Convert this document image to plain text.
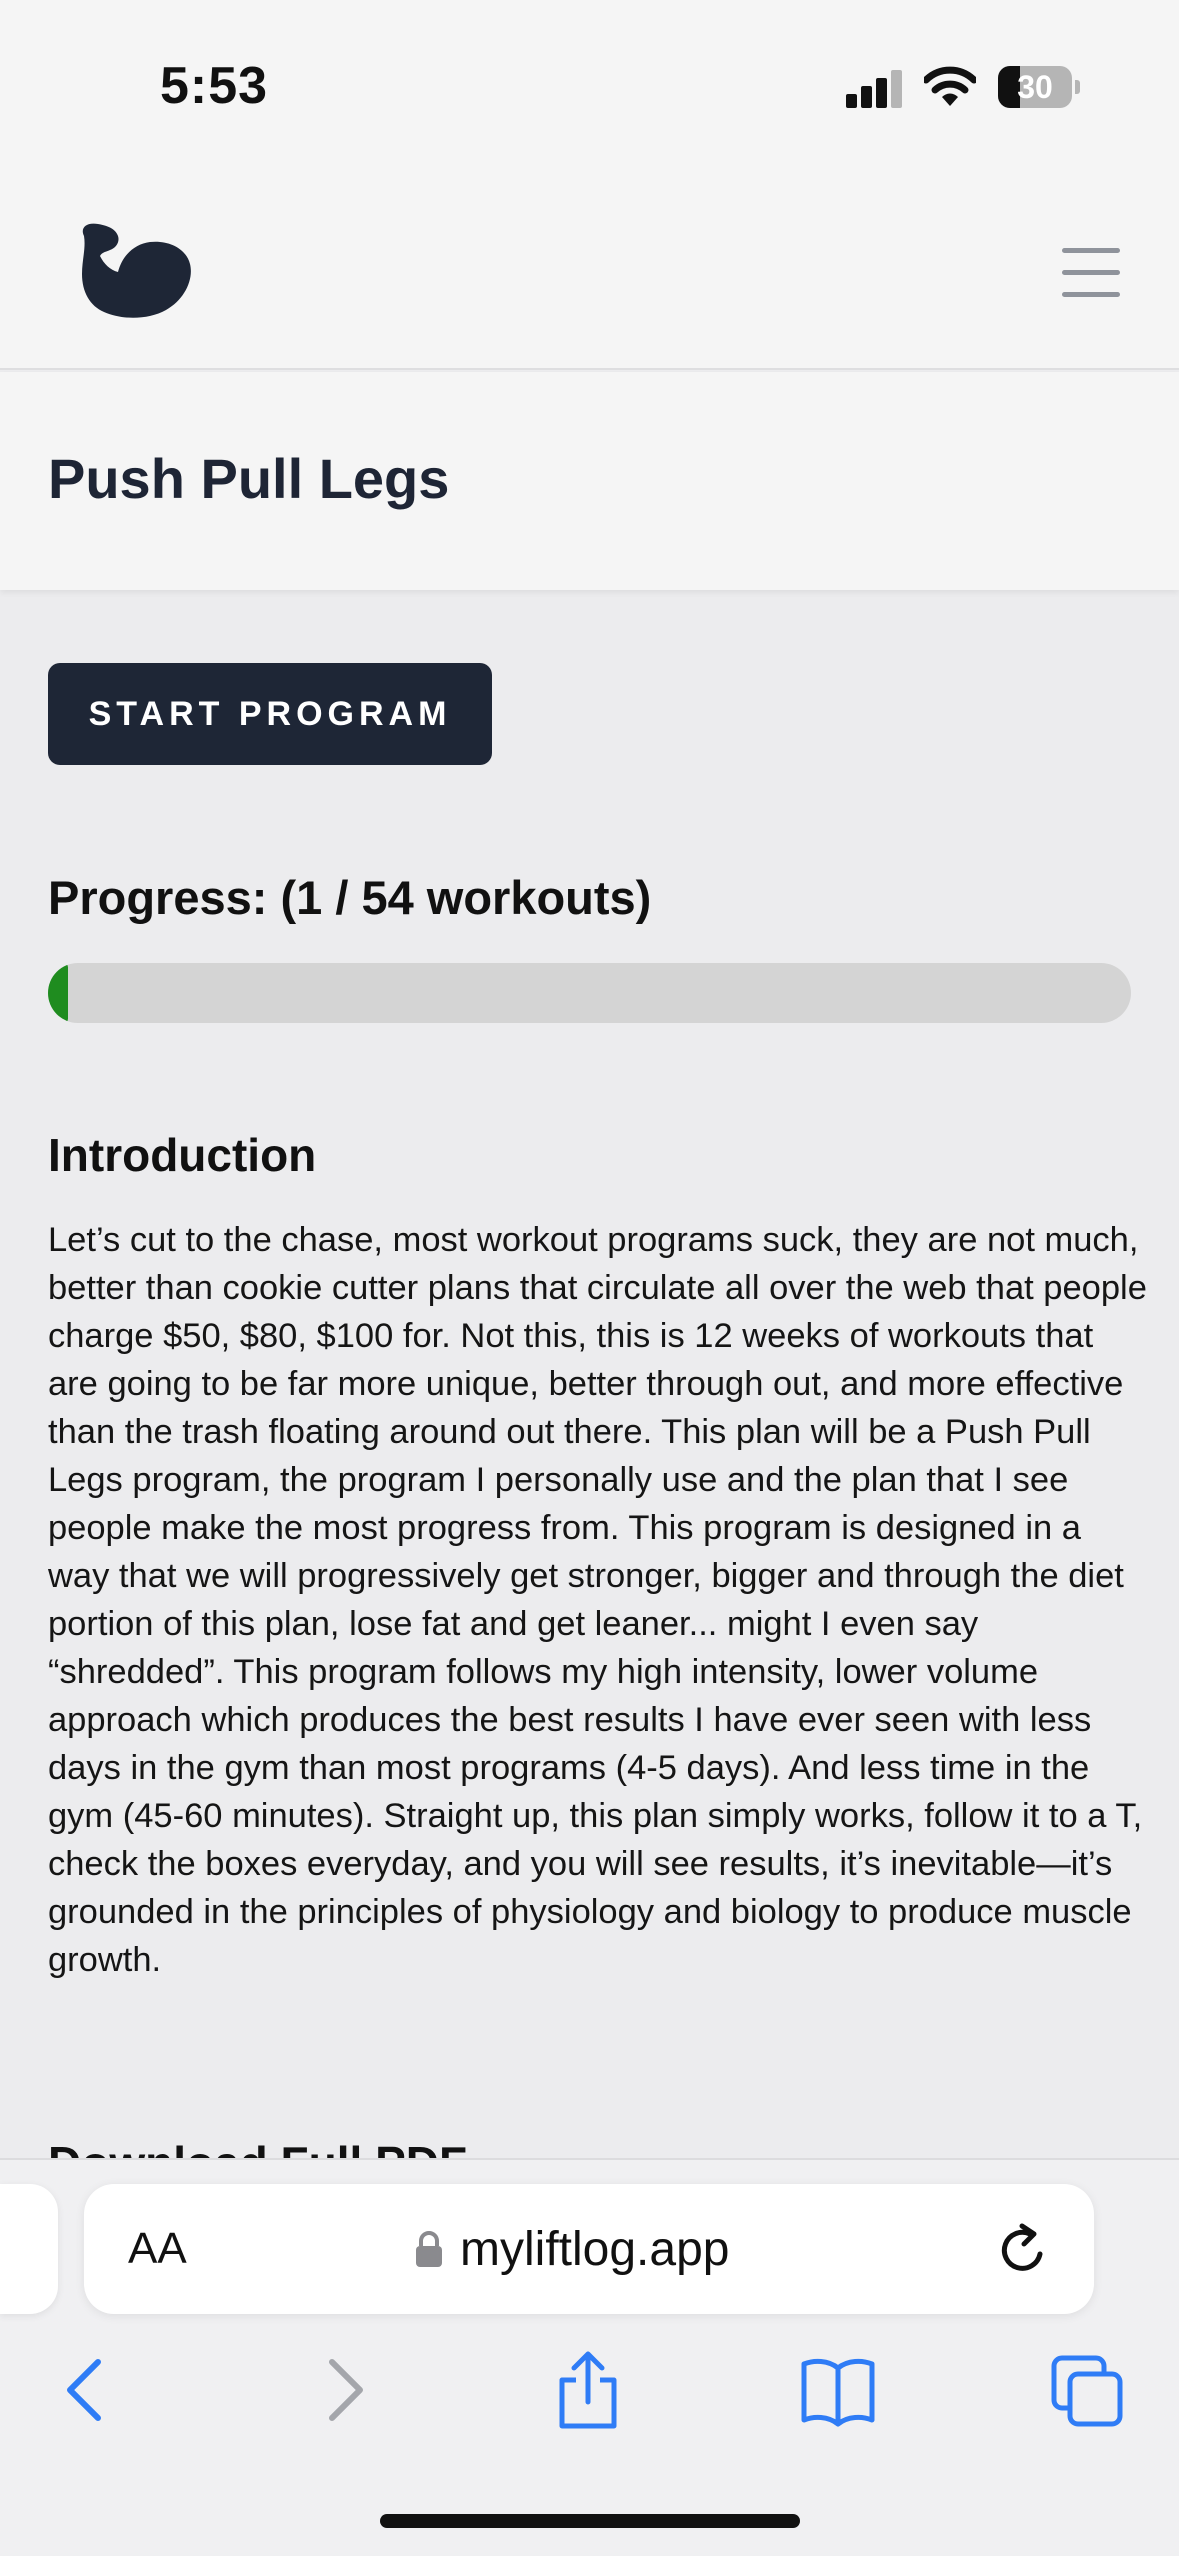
5:53	30
Push Pull Legs
START PROGRAM
Progress: (1 / 54 workouts)
Introduction

Let’s cut to the chase, most workout programs suck, they are not much, better than cookie cutter plans that circulate all over the web that people charge $50, $80, $100 for. Not this, this is 12 weeks of workouts that are going to be far more unique, better through out, and more effective than the trash floating around out there. This plan will be a Push Pull Legs program, the program I personally use and the plan that I see people make the most progress from. This program is designed in a way that we will progressively get stronger, bigger and through the diet portion of this plan, lose fat and get leaner... might I even say “shredded”. This program follows my high intensity, lower volume approach which produces the best results I have ever seen with less days in the gym than most programs (4-5 days). And less time in the gym (45-60 minutes). Straight up, this plan simply works, follow it to a T, check the boxes everyday, and you will see results, it’s inevitable—it’s grounded in the principles of physiology and biology to produce muscle growth.

AA	myliftlog.app
